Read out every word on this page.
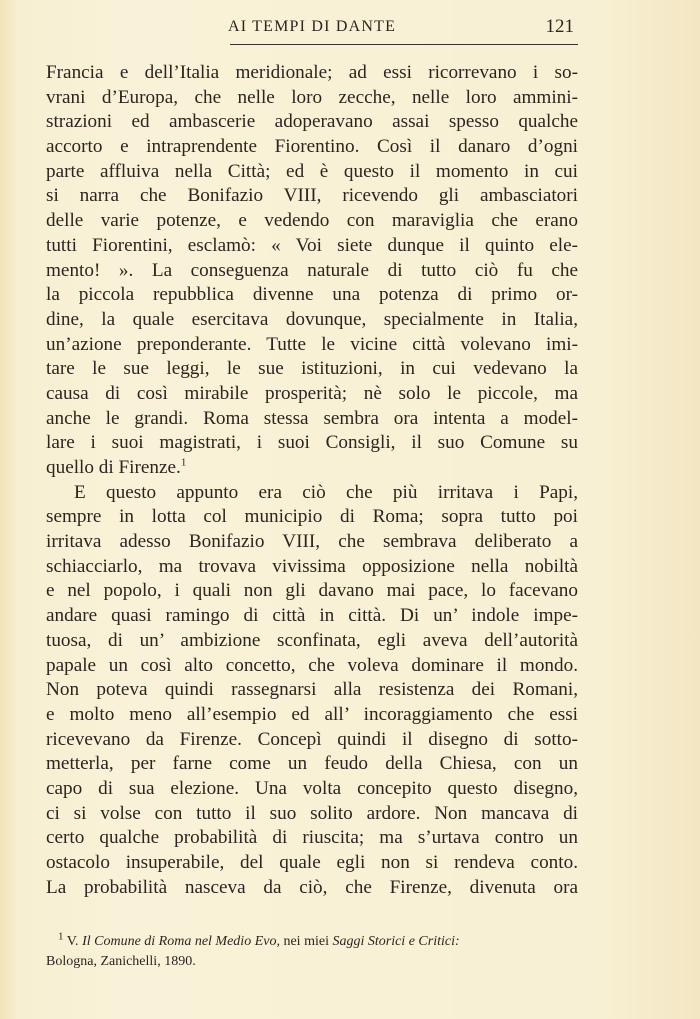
AI TEMPI DI DANTE	121
Francia e dell’Italia meridionale; ad essi ricorrevano i so-
vrani d’Europa, che nelle loro zecche, nelle loro ammini-
strazioni ed ambascerie adoperavano assai spesso qualche
accorto e intraprendente Fiorentino. Così il danaro d’ogni
parte affluiva nella Città; ed è questo il momento in cui
si narra che Bonifazio VIII, ricevendo gli ambasciatori
delle varie potenze, e vedendo con maraviglia che erano
tutti Fiorentini, esclamò: « Voi siete dunque il quinto ele-
mento! ». La conseguenza naturale di tutto ciò fu che
la piccola repubblica divenne una potenza di primo or-
dine, la quale esercitava dovunque, specialmente in Italia,
un’azione preponderante. Tutte le vicine città volevano imi-
tare le sue leggi, le sue istituzioni, in cui vedevano la
causa di così mirabile prosperità; nè solo le piccole, ma
anche le grandi. Roma stessa sembra ora intenta a model-
lare i suoi magistrati, i suoi Consigli, il suo Comune su
quello di Firenze.$^1$
E questo appunto era ciò che più irritava i Papi,
sempre in lotta col municipio di Roma; sopra tutto poi
irritava adesso Bonifazio VIII, che sembrava deliberato a
schiacciarlo, ma trovava vivissima opposizione nella nobiltà
e nel popolo, i quali non gli davano mai pace, lo facevano
andare quasi ramingo di città in città. Di un’ indole impe-
tuosa, di un’ ambizione sconfinata, egli aveva dell’autorità
papale un così alto concetto, che voleva dominare il mondo.
Non poteva quindi rassegnarsi alla resistenza dei Romani,
e molto meno all’esempio ed all’ incoraggiamento che essi
ricevevano da Firenze. Concepì quindi il disegno di sotto-
metterla, per farne come un feudo della Chiesa, con un
capo di sua elezione. Una volta concepito questo disegno,
ci si volse con tutto il suo solito ardore. Non mancava di
certo qualche probabilità di riuscita; ma s’urtava contro un
ostacolo insuperabile, del quale egli non si rendeva conto.
La probabilità nasceva da ciò, che Firenze, divenuta ora
$^1$ V. Il Comune di Roma nel Medio Evo, nei miei Saggi Storici e Critici:
Bologna, Zanichelli, 1890.
